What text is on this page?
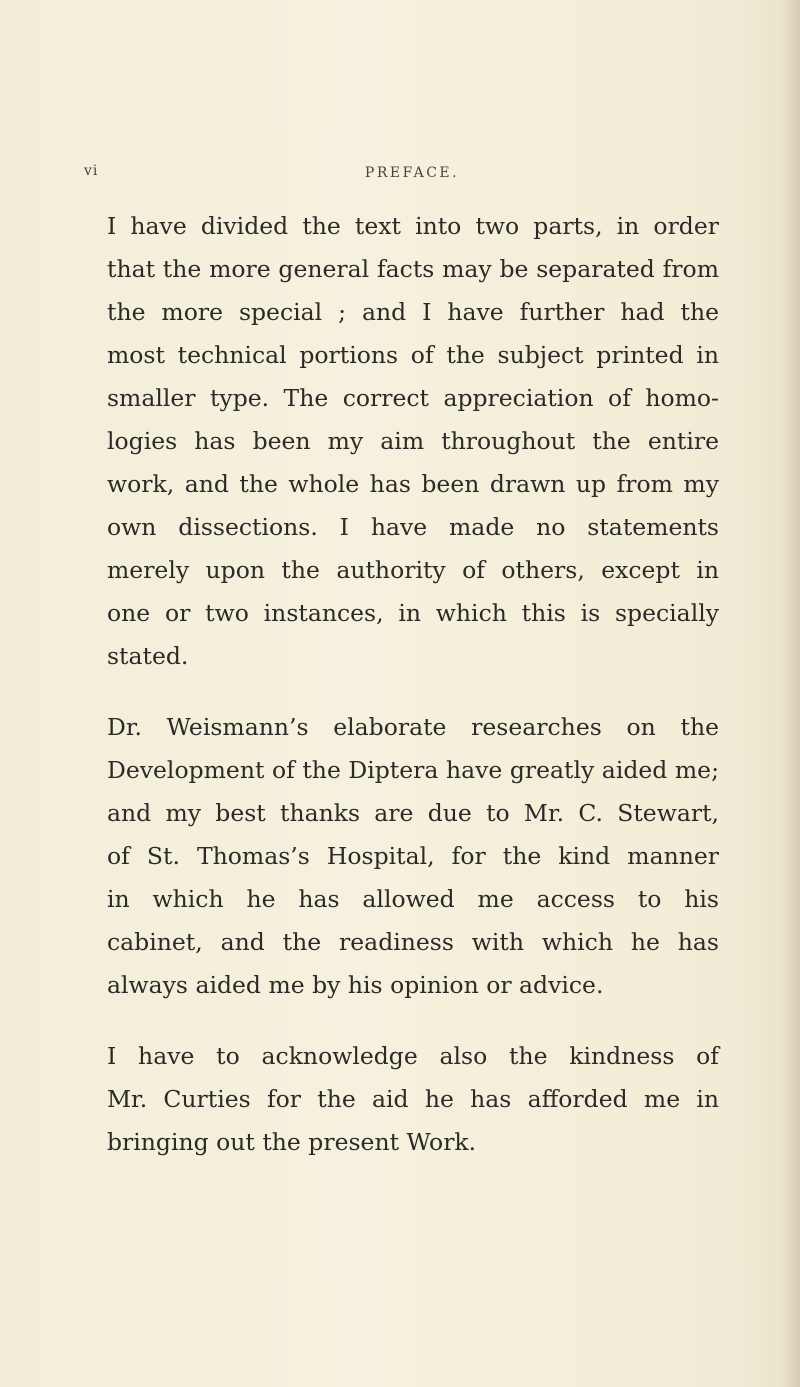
vi	PREFACE.

I have divided the text into two parts, in order
that the more general facts may be separated from
the more special ; and I have further had the
most technical portions of the subject printed in
smaller type. The correct appreciation of homo-
logies has been my aim throughout the entire
work, and the whole has been drawn up from my
own dissections. I have made no statements
merely upon the authority of others, except in
one or two instances, in which this is specially
stated.

Dr. Weismann’s elaborate researches on the
Development of the Diptera have greatly aided me;
and my best thanks are due to Mr. C. Stewart,
of St. Thomas’s Hospital, for the kind manner
in which he has allowed me access to his
cabinet, and the readiness with which he has
always aided me by his opinion or advice.

I have to acknowledge also the kindness of
Mr. Curties for the aid he has afforded me in
bringing out the present Work.
